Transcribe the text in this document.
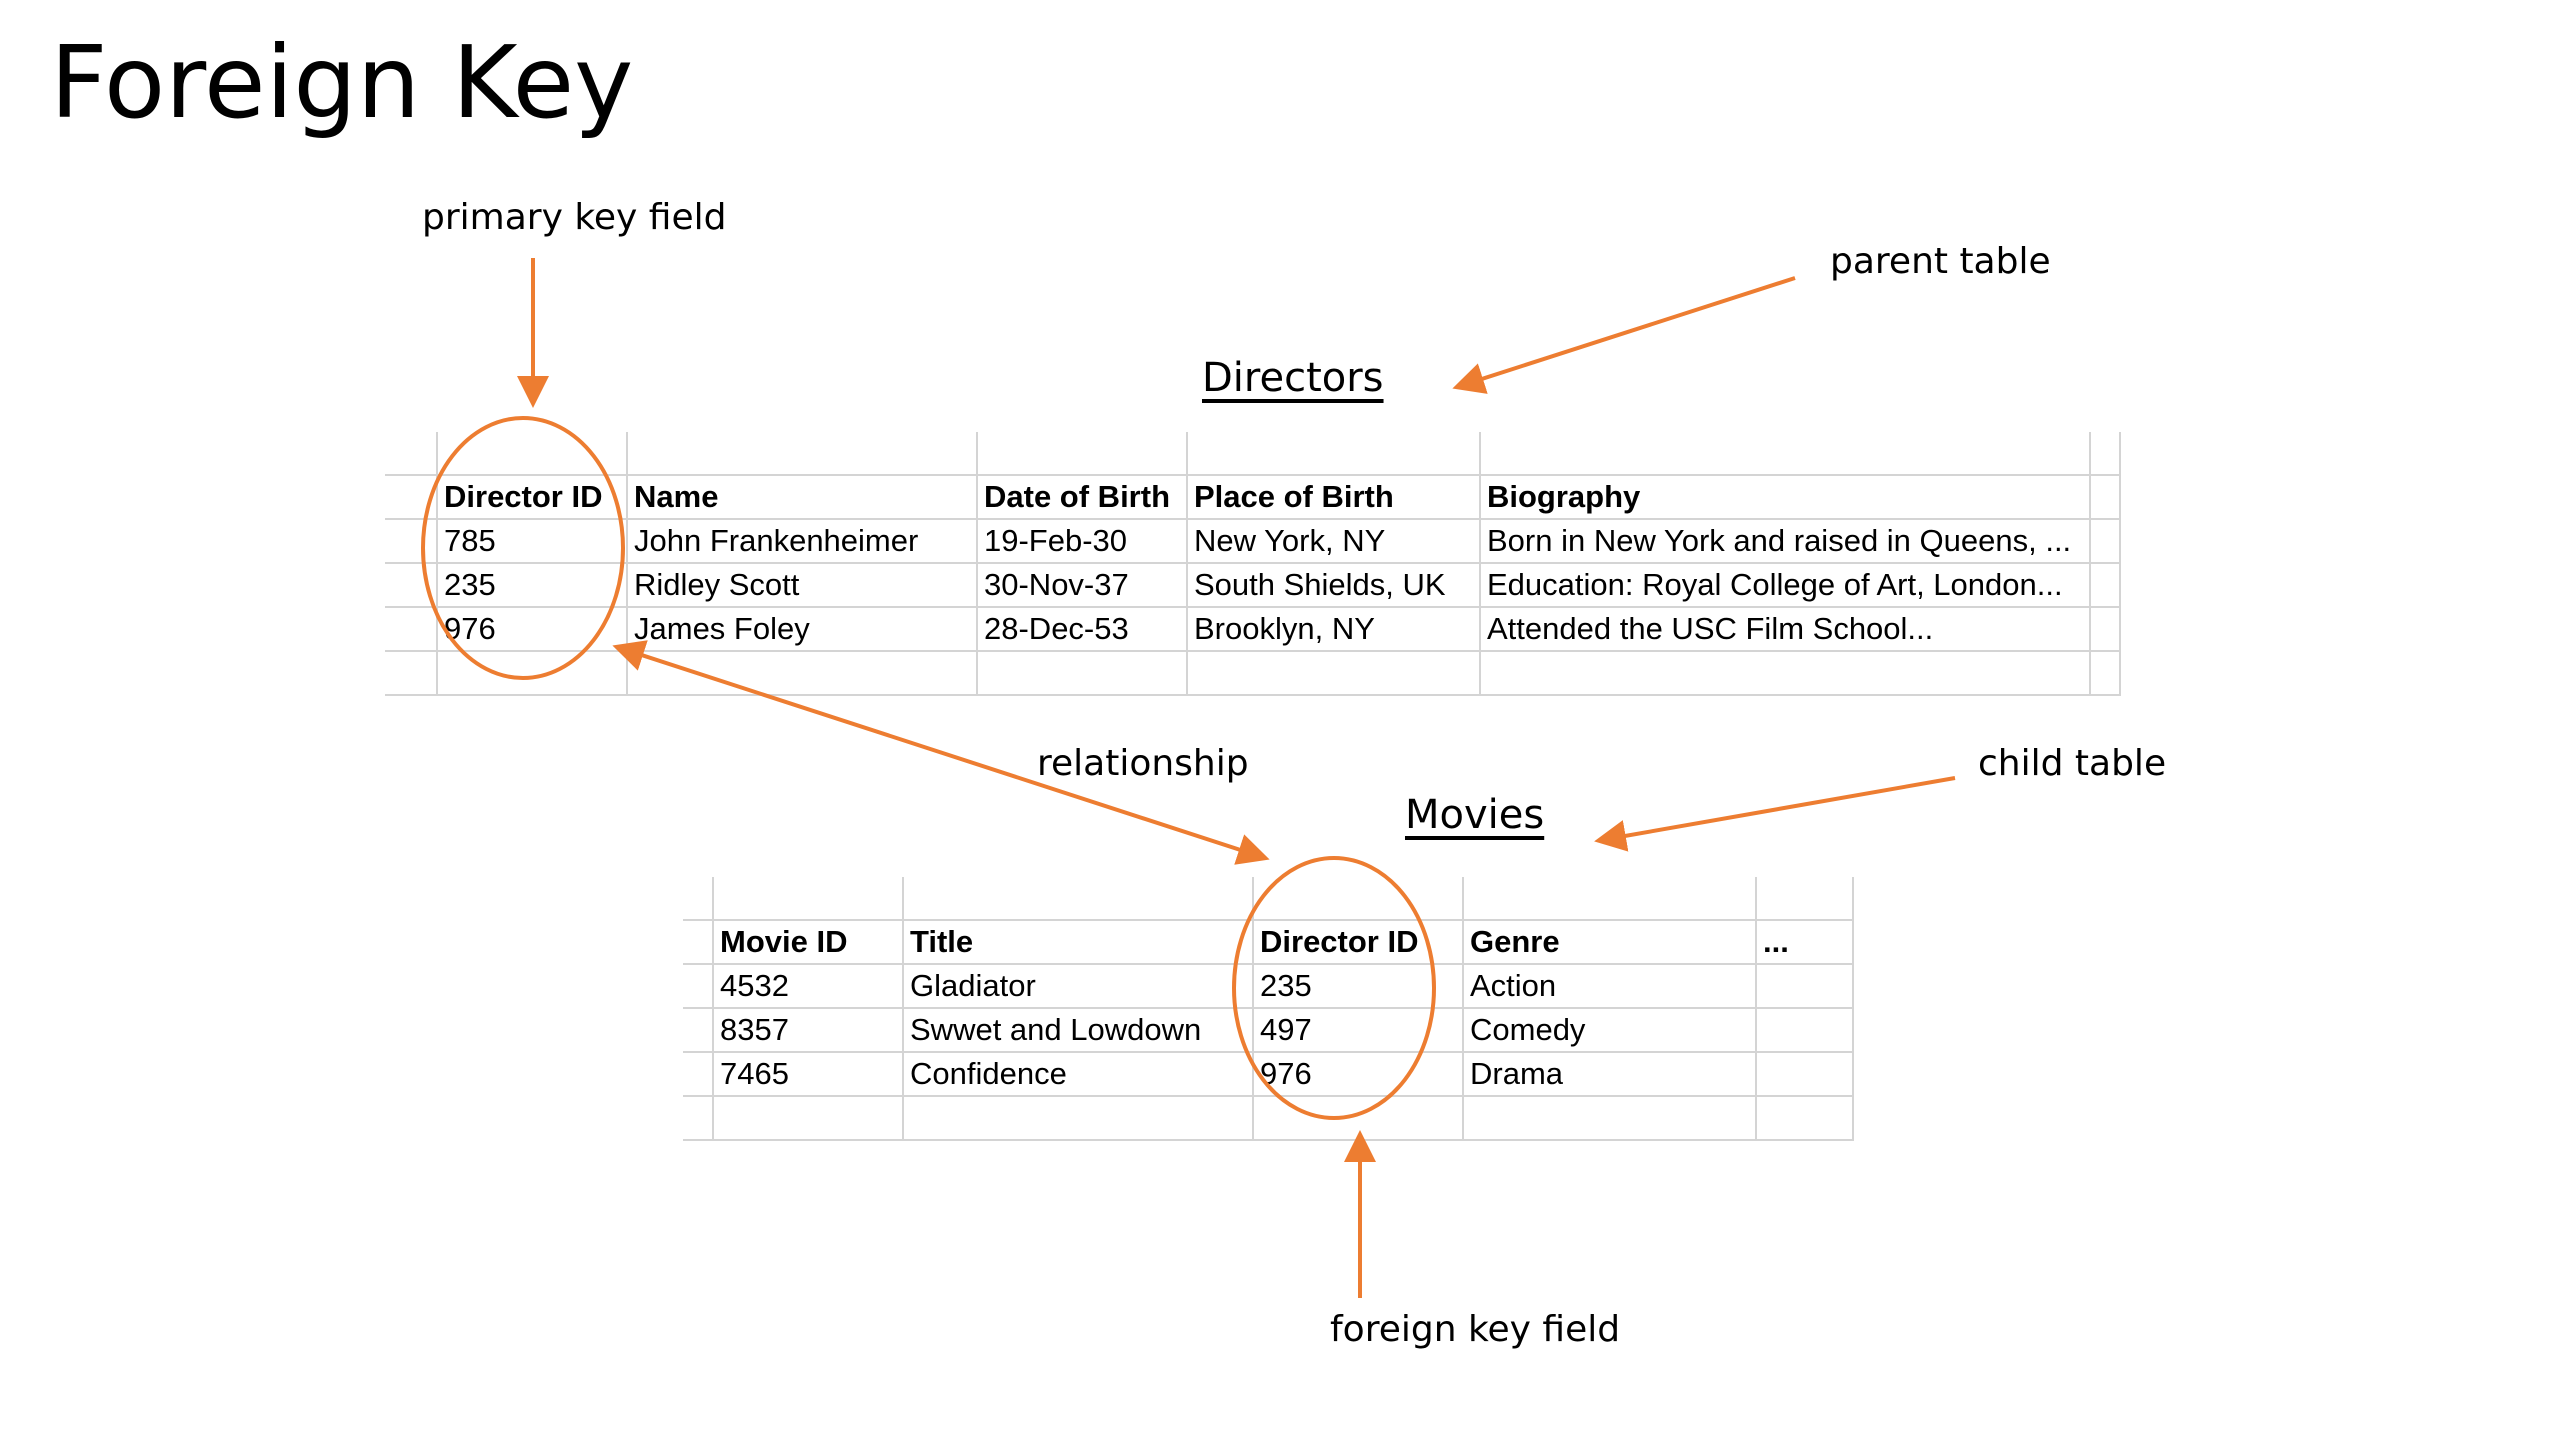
Foreign Key
primary key field
parent table
relationship	child table
foreign key field
Directors
Movies

	Director ID	Name	Date of Birth	Place of Birth	Biography	
	785	John Frankenheimer	19-Feb-30	New York, NY	Born in New York and raised in Queens, ...	
	235	Ridley Scott	30-Nov-37	South Shields, UK	Education: Royal College of Art, London...	
	976	James Foley	28-Dec-53	Brooklyn, NY	Attended the USC Film School...	

	Movie ID	Title	Director ID	Genre	...
	4532	Gladiator	235	Action	
	8357	Swwet and Lowdown	497	Comedy	
	7465	Confidence	976	Drama	
